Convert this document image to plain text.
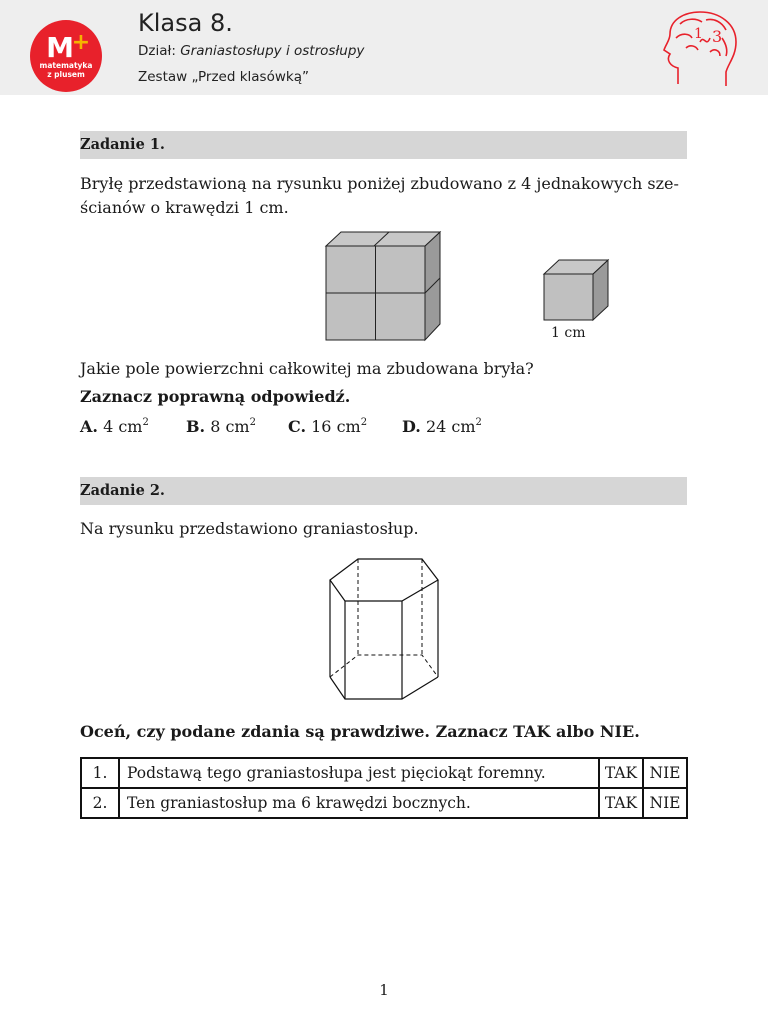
M
+
matematyka
z plusem
Klasa 8.
Dział: Graniastosłupy i ostrosłupy
Zestaw „Przed klasówką”
1 3
Zadanie 1.
Bryłę przedstawioną na rysunku poniżej zbudowano z 4 jednakowych sze-
ścianów o krawędzi 1 cm.
1 cm
Jakie pole powierzchni całkowitej ma zbudowana bryła?
Zaznacz poprawną odpowiedź.
A. 4 $cm^2$ B. 8 $cm^2$ C. 16 $cm^2$ D. 24 $cm^2$
Zadanie 2.
Na rysunku przedstawiono graniastosłup.
Oceń, czy podane zdania są prawdziwe. Zaznacz TAK albo NIE.
1.	Podstawą tego graniastosłupa jest pięciokąt foremny.	TAK	NIE
2.	Ten graniastosłup ma 6 krawędzi bocznych.	TAK	NIE
1
